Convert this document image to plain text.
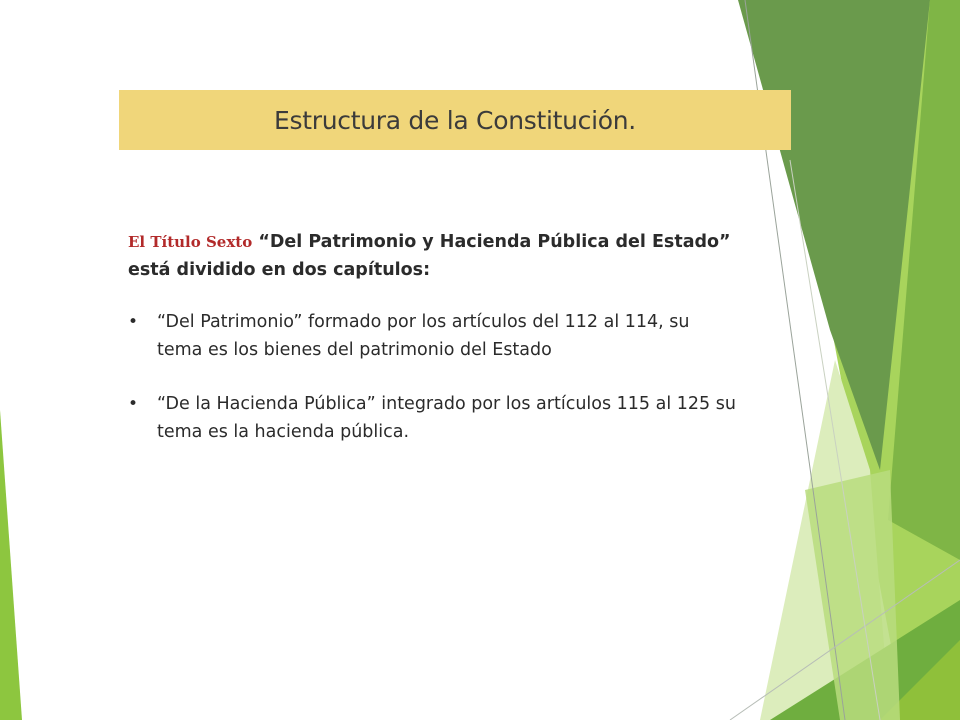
Estructura de la Constitución.

El Título Sexto “Del Patrimonio y Hacienda Pública del Estado” está dividido en dos capítulos:

• “Del Patrimonio” formado por los artículos del 112 al 114, su tema es los bienes del patrimonio del Estado
• “De la Hacienda Pública” integrado por los artículos 115 al 125 su tema es la hacienda pública.
